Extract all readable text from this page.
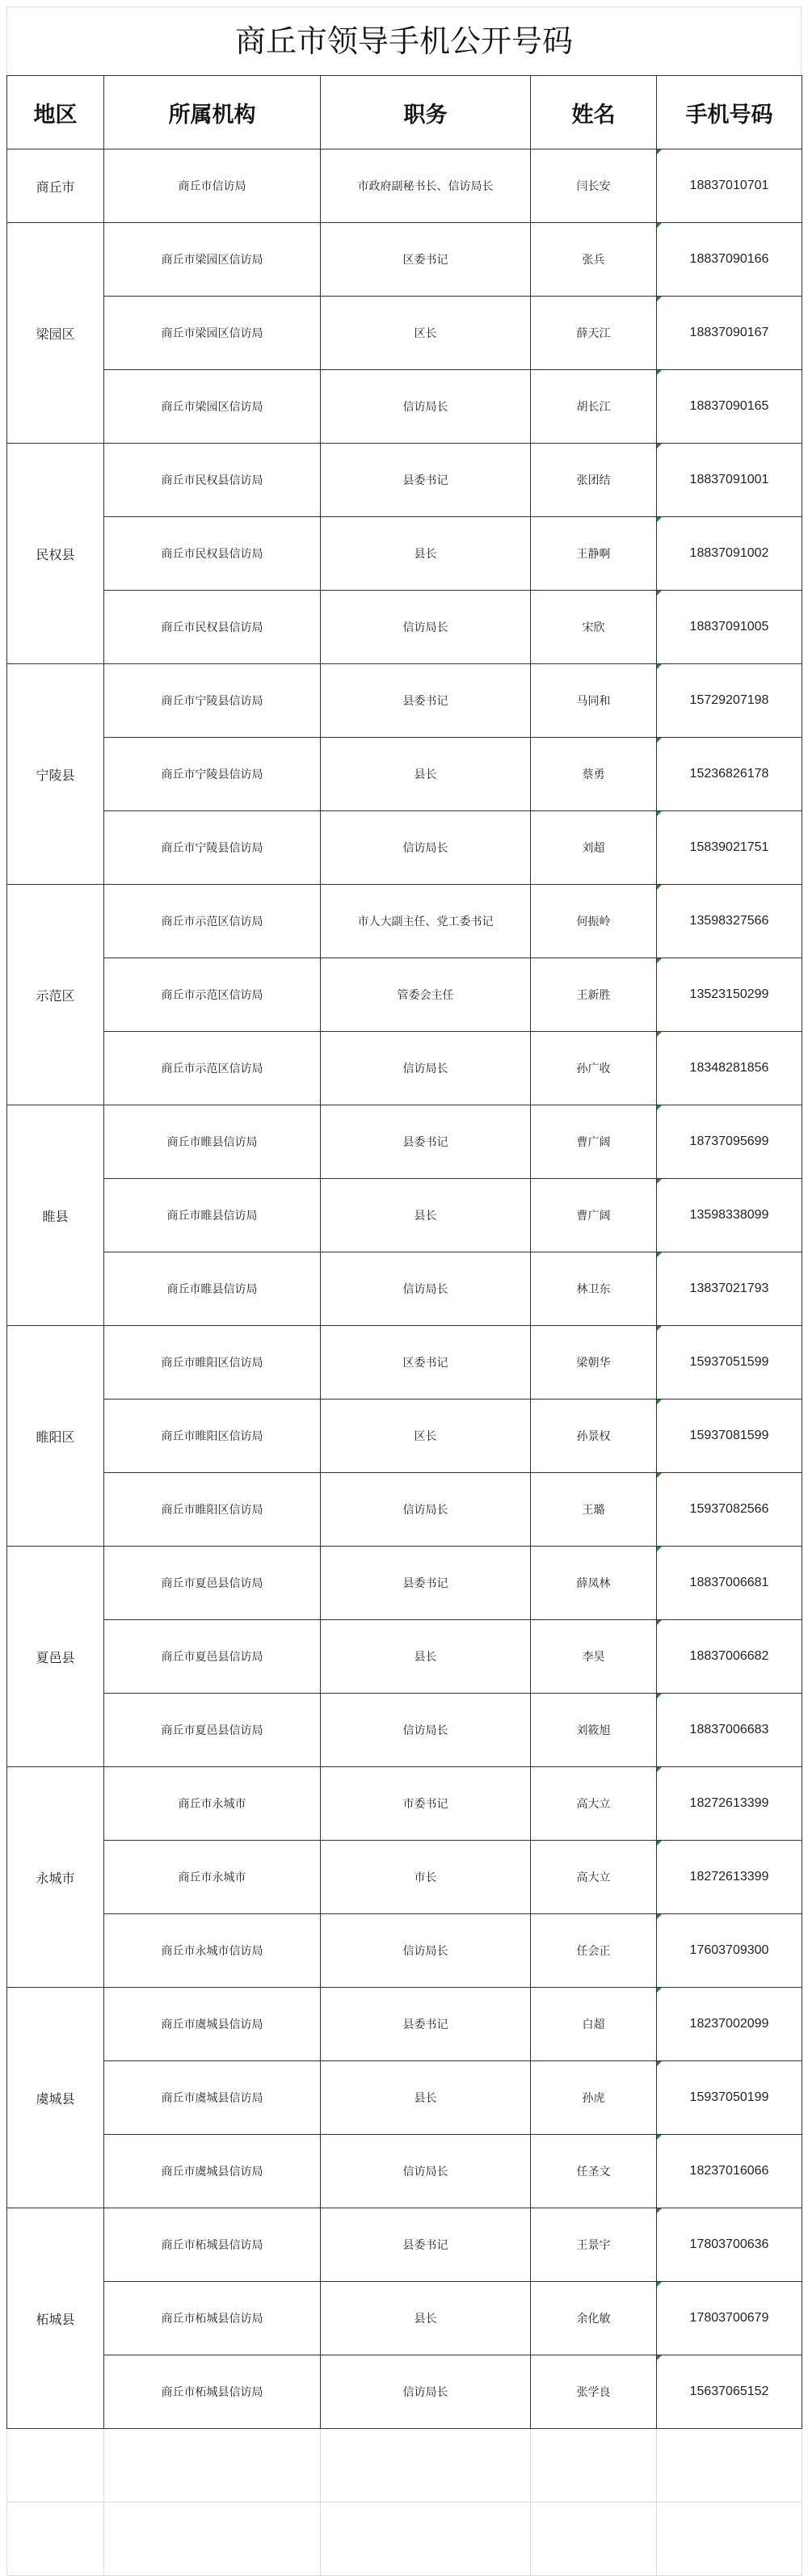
商丘市领导手机公开号码
地区	所属机构	职务	姓名	手机号码
商丘市	商丘市信访局	市政府副秘书长、信访局长	闫长安	18837010701
梁园区	商丘市梁园区信访局	区委书记	张兵	18837090166
	商丘市梁园区信访局	区长	薛天江	18837090167
	商丘市梁园区信访局	信访局长	胡长江	18837090165
民权县	商丘市民权县信访局	县委书记	张团结	18837091001
	商丘市民权县信访局	县长	王静啊	18837091002
	商丘市民权县信访局	信访局长	宋欣	18837091005
宁陵县	商丘市宁陵县信访局	县委书记	马同和	15729207198
	商丘市宁陵县信访局	县长	蔡勇	15236826178
	商丘市宁陵县信访局	信访局长	刘超	15839021751
示范区	商丘市示范区信访局	市人大副主任、党工委书记	何振岭	13598327566
	商丘市示范区信访局	管委会主任	王新胜	13523150299
	商丘市示范区信访局	信访局长	孙广收	18348281856
睢县	商丘市睢县信访局	县委书记	曹广阔	18737095699
	商丘市睢县信访局	县长	曹广阔	13598338099
	商丘市睢县信访局	信访局长	林卫东	13837021793
睢阳区	商丘市睢阳区信访局	区委书记	梁朝华	15937051599
	商丘市睢阳区信访局	区长	孙景权	15937081599
	商丘市睢阳区信访局	信访局长	王璐	15937082566
夏邑县	商丘市夏邑县信访局	县委书记	薛凤林	18837006681
	商丘市夏邑县信访局	县长	李昊	18837006682
	商丘市夏邑县信访局	信访局长	刘筱旭	18837006683
永城市	商丘市永城市	市委书记	高大立	18272613399
	商丘市永城市	市长	高大立	18272613399
	商丘市永城市信访局	信访局长	任会正	17603709300
虞城县	商丘市虞城县信访局	县委书记	白超	18237002099
	商丘市虞城县信访局	县长	孙虎	15937050199
	商丘市虞城县信访局	信访局长	任圣文	18237016066
柘城县	商丘市柘城县信访局	县委书记	王景宇	17803700636
	商丘市柘城县信访局	县长	余化敏	17803700679
	商丘市柘城县信访局	信访局长	张学良	15637065152
